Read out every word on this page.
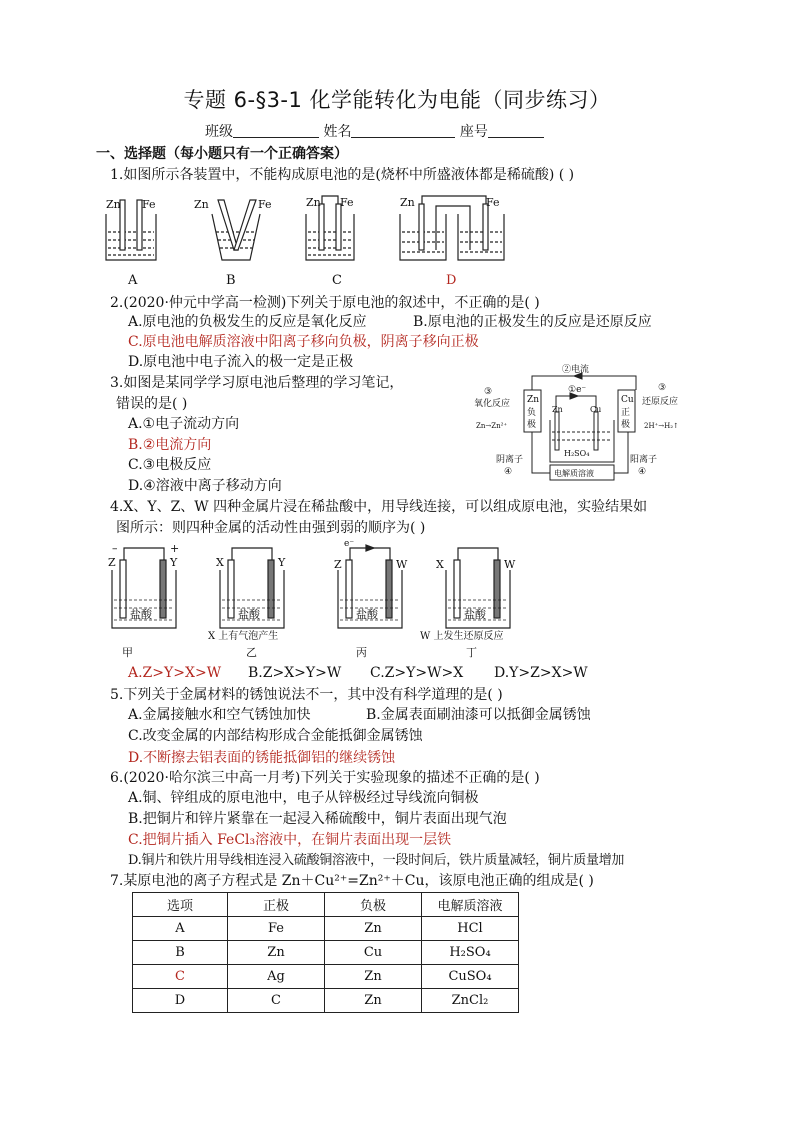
专题 6-§3-1 化学能转化为电能（同步练习）
班级	姓名	座号
一、选择题（每小题只有一个正确答案）
1.如图所示各装置中，不能构成原电池的是(烧杯中所盛液体都是稀硫酸) ( )
Zn Fe	Zn	Fe	Zn Fe	Zn	Fe
A	B	C	D
2.(2020·仲元中学高一检测)下列关于原电池的叙述中，不正确的是( )
A.原电池的负极发生的反应是氧化反应	B.原电池的正极发生的反应是还原反应
C.原电池电解质溶液中阳离子移向负极，阴离子移向正极
D.原电池中电子流入的极一定是正极
3.如图是某同学学习原电池后整理的学习笔记，
错误的是( )
A.①电子流动方向
B.②电流方向
C.③电极反应
D.④溶液中离子移动方向
②电流
①e⁻
③
氧化反应
Zn→Zn²⁺
Zn
负
极
Cu
正
极
③
还原反应
2H⁺→H₂↑
Zn	Cu
H₂SO₄
阴离子
④
阳离子
④
电解质溶液
4.X、Y、Z、W 四种金属片浸在稀盐酸中，用导线连接，可以组成原电池，实验结果如
图所示：则四种金属的活动性由强到弱的顺序为( )
–	+
Z	Y
盐酸
X	Y
盐酸
Z	W
e⁻
盐酸
X	W
盐酸
X 上有气泡产生	W 上发生还原反应
甲	乙	丙	丁
A.Z>Y>X>W B.Z>X>Y>W C.Z>Y>W>X D.Y>Z>X>W
5.下列关于金属材料的锈蚀说法不一，其中没有科学道理的是( )
A.金属接触水和空气锈蚀加快	B.金属表面刷油漆可以抵御金属锈蚀
C.改变金属的内部结构形成合金能抵御金属锈蚀
D.不断擦去铝表面的锈能抵御铝的继续锈蚀
6.(2020·哈尔滨三中高一月考)下列关于实验现象的描述不正确的是( )
A.铜、锌组成的原电池中，电子从锌极经过导线流向铜极
B.把铜片和锌片紧靠在一起浸入稀硫酸中，铜片表面出现气泡
C.把铜片插入 FeCl₃溶液中，在铜片表面出现一层铁
D.铜片和铁片用导线相连浸入硫酸铜溶液中，一段时间后，铁片质量减轻，铜片质量增加
7.某原电池的离子方程式是 Zn＋Cu²⁺=Zn²⁺＋Cu，该原电池正确的组成是( )
选项	正极	负极	电解质溶液
A	Fe	Zn	HCl
B	Zn	Cu	H₂SO₄
C	Ag	Zn	CuSO₄
D	C	Zn	ZnCl₂
